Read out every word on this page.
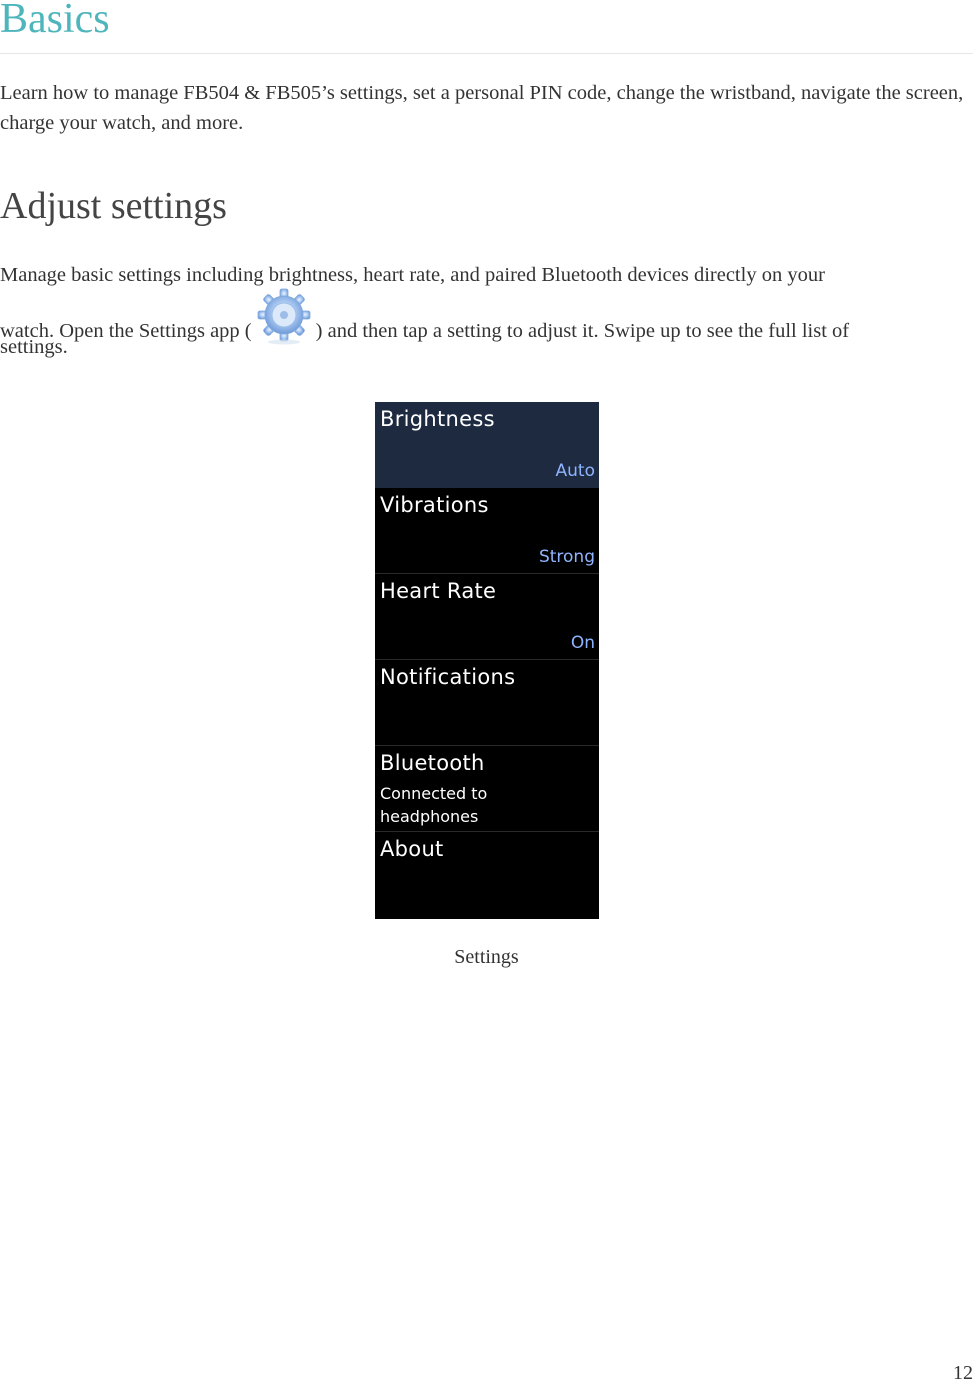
Basics

Learn how to manage FB504 & FB505’s settings, set a personal PIN code, change the wristband, navigate the screen, charge your watch, and more.

Adjust settings

Manage basic settings including brightness, heart rate, and paired Bluetooth devices directly on your

watch. Open the Settings app (	) and then tap a setting to adjust it. Swipe up to see the full list of
settings.
Brightness
Auto
Vibrations
Strong
Heart Rate
On
Notifications
Bluetooth
Connected to headphones
About

Settings

12
